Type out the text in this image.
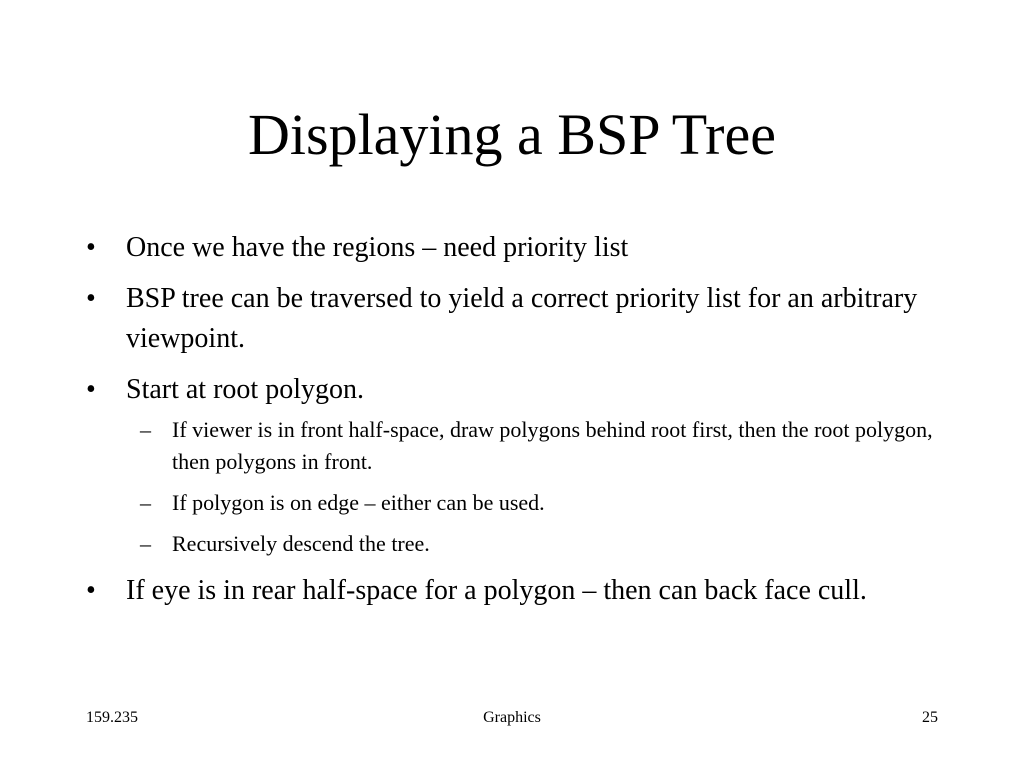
Displaying a BSP Tree
•	Once we have the regions – need priority list
•	BSP tree can be traversed to yield a correct priority list for an arbitrary viewpoint.
•	Start at root polygon.
– If viewer is in front half-space, draw polygons behind root first, then the root polygon, then polygons in front.
– If polygon is on edge – either can be used.
– Recursively descend the tree.
•	If eye is in rear half-space for a polygon – then can back face cull.
159.235	Graphics	25
